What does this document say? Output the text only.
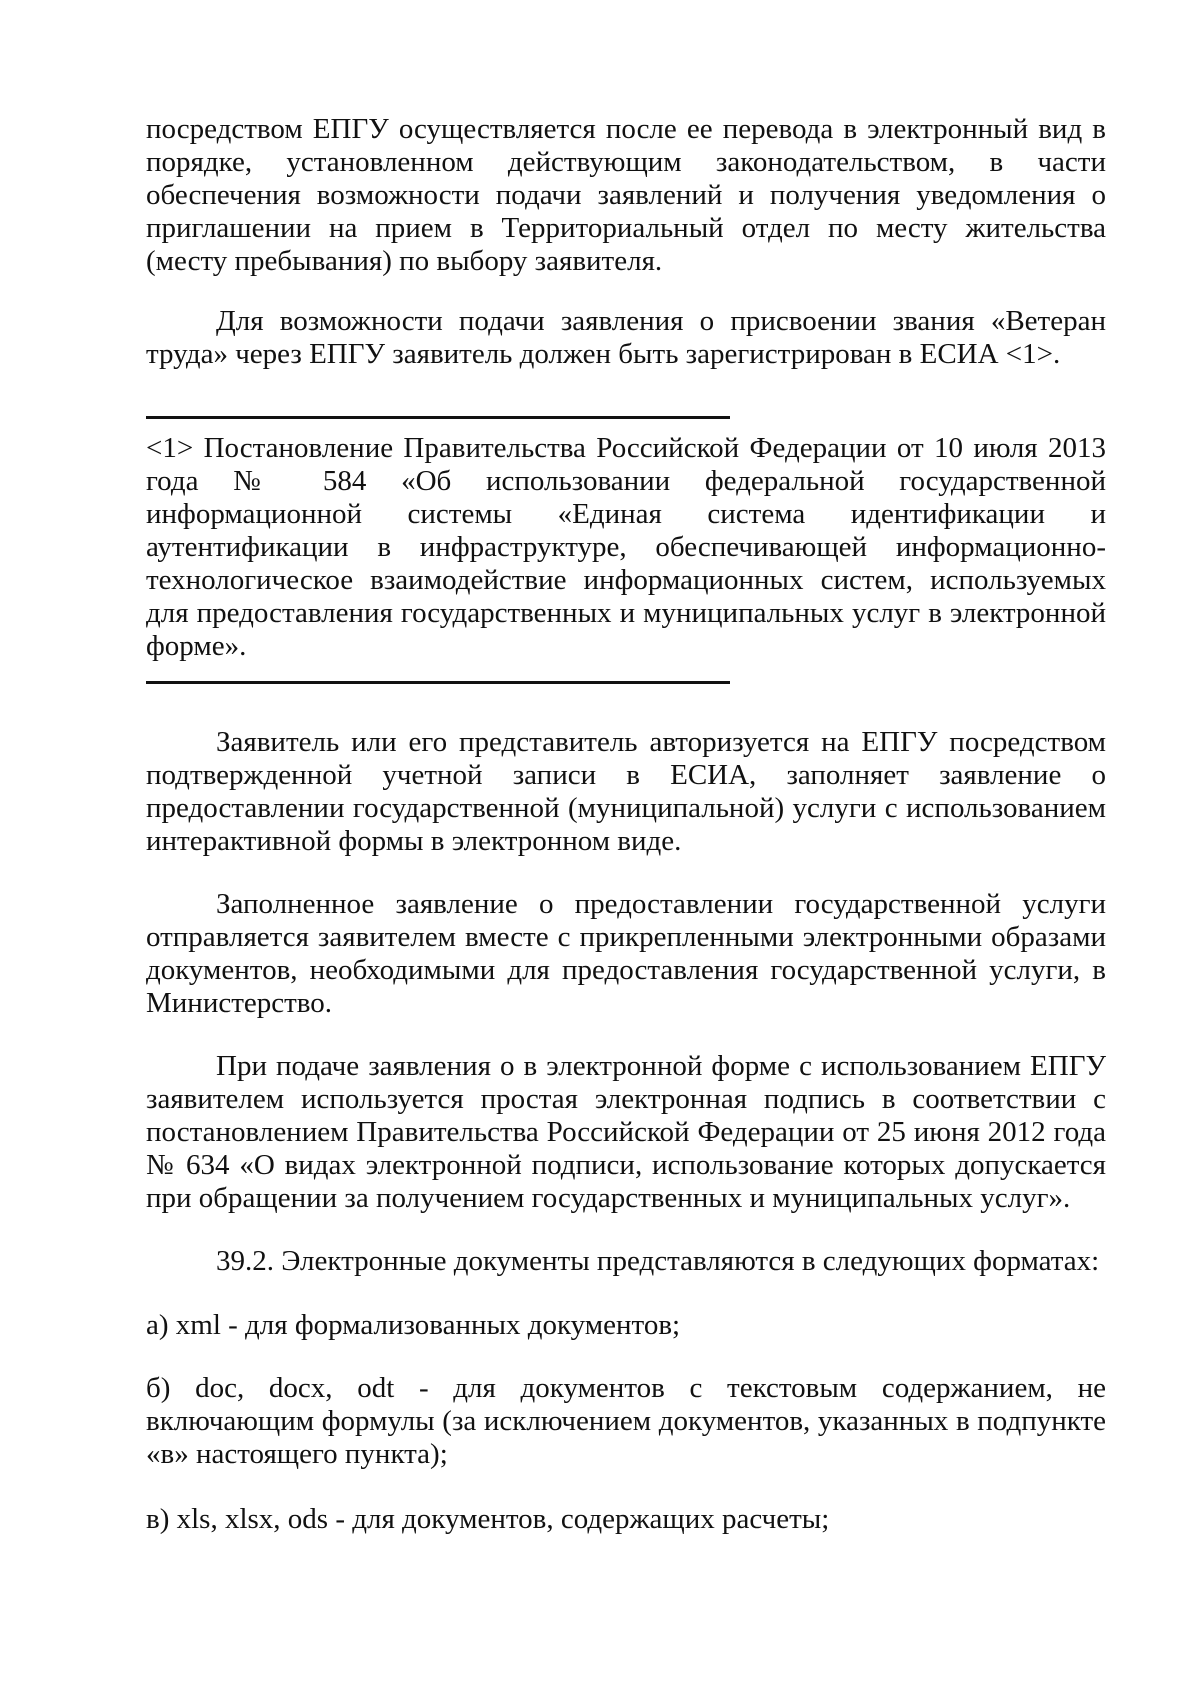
посредством ЕПГУ осуществляется после ее перевода в электронный вид в порядке, установленном действующим законодательством, в части обеспечения возможности подачи заявлений и получения уведомления о приглашении на прием в Территориальный отдел по месту жительства (месту пребывания) по выбору заявителя.

Для возможности подачи заявления о присвоении звания «Ветеран труда» через ЕПГУ заявитель должен быть зарегистрирован в ЕСИА <1>.

<1> Постановление Правительства Российской Федерации от 10 июля 2013 года № 584 «Об использовании федеральной государственной информационной системы «Единая система идентификации и аутентификации в инфраструктуре, обеспечивающей информационно-технологическое взаимодействие информационных систем, используемых для предоставления государственных и муниципальных услуг в электронной форме».

Заявитель или его представитель авторизуется на ЕПГУ посредством подтвержденной учетной записи в ЕСИА, заполняет заявление о предоставлении государственной (муниципальной) услуги с использованием интерактивной формы в электронном виде.

Заполненное заявление о предоставлении государственной услуги отправляется заявителем вместе с прикрепленными электронными образами документов, необходимыми для предоставления государственной услуги, в Министерство.

При подаче заявления о в электронной форме с использованием ЕПГУ заявителем используется простая электронная подпись в соответствии с постановлением Правительства Российской Федерации от 25 июня 2012 года № 634 «О видах электронной подписи, использование которых допускается при обращении за получением государственных и муниципальных услуг».

39.2. Электронные документы представляются в следующих форматах:

а) xml - для формализованных документов;

б) doc, docx, odt - для документов с текстовым содержанием, не включающим формулы (за исключением документов, указанных в подпункте «в» настоящего пункта);

в) xls, xlsx, ods - для документов, содержащих расчеты;
